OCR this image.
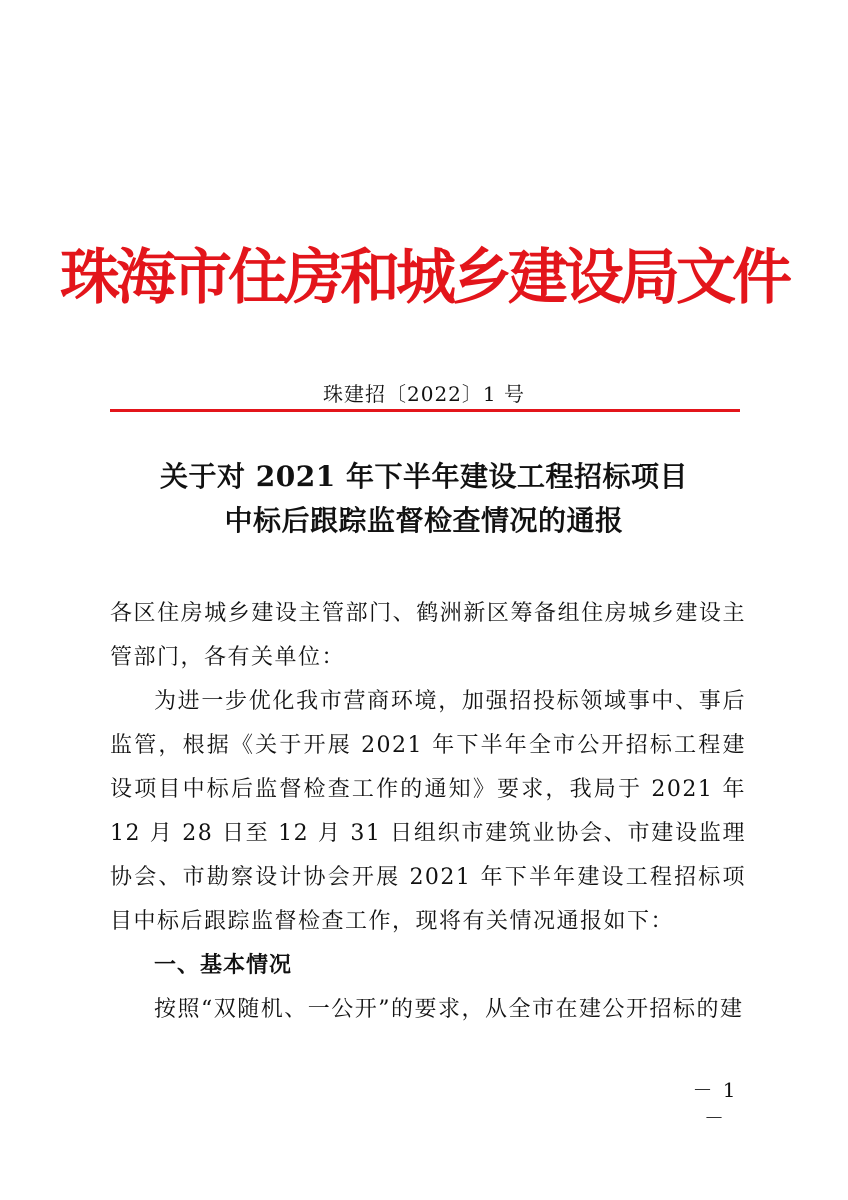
珠海市住房和城乡建设局文件
珠建招〔2022〕1 号
关于对 2021 年下半年建设工程招标项目
中标后跟踪监督检查情况的通报

各区住房城乡建设主管部门、鹤洲新区筹备组住房城乡建设主管部门，各有关单位：

为进一步优化我市营商环境，加强招投标领域事中、事后监管，根据《关于开展 2021 年下半年全市公开招标工程建设项目中标后监督检查工作的通知》要求，我局于 2021 年 12 月 28 日至 12 月 31 日组织市建筑业协会、市建设监理协会、市勘察设计协会开展 2021 年下半年建设工程招标项目中标后跟踪监督检查工作，现将有关情况通报如下：

一、基本情况

按照“双随机、一公开”的要求，从全市在建公开招标的建

－ 1 －
